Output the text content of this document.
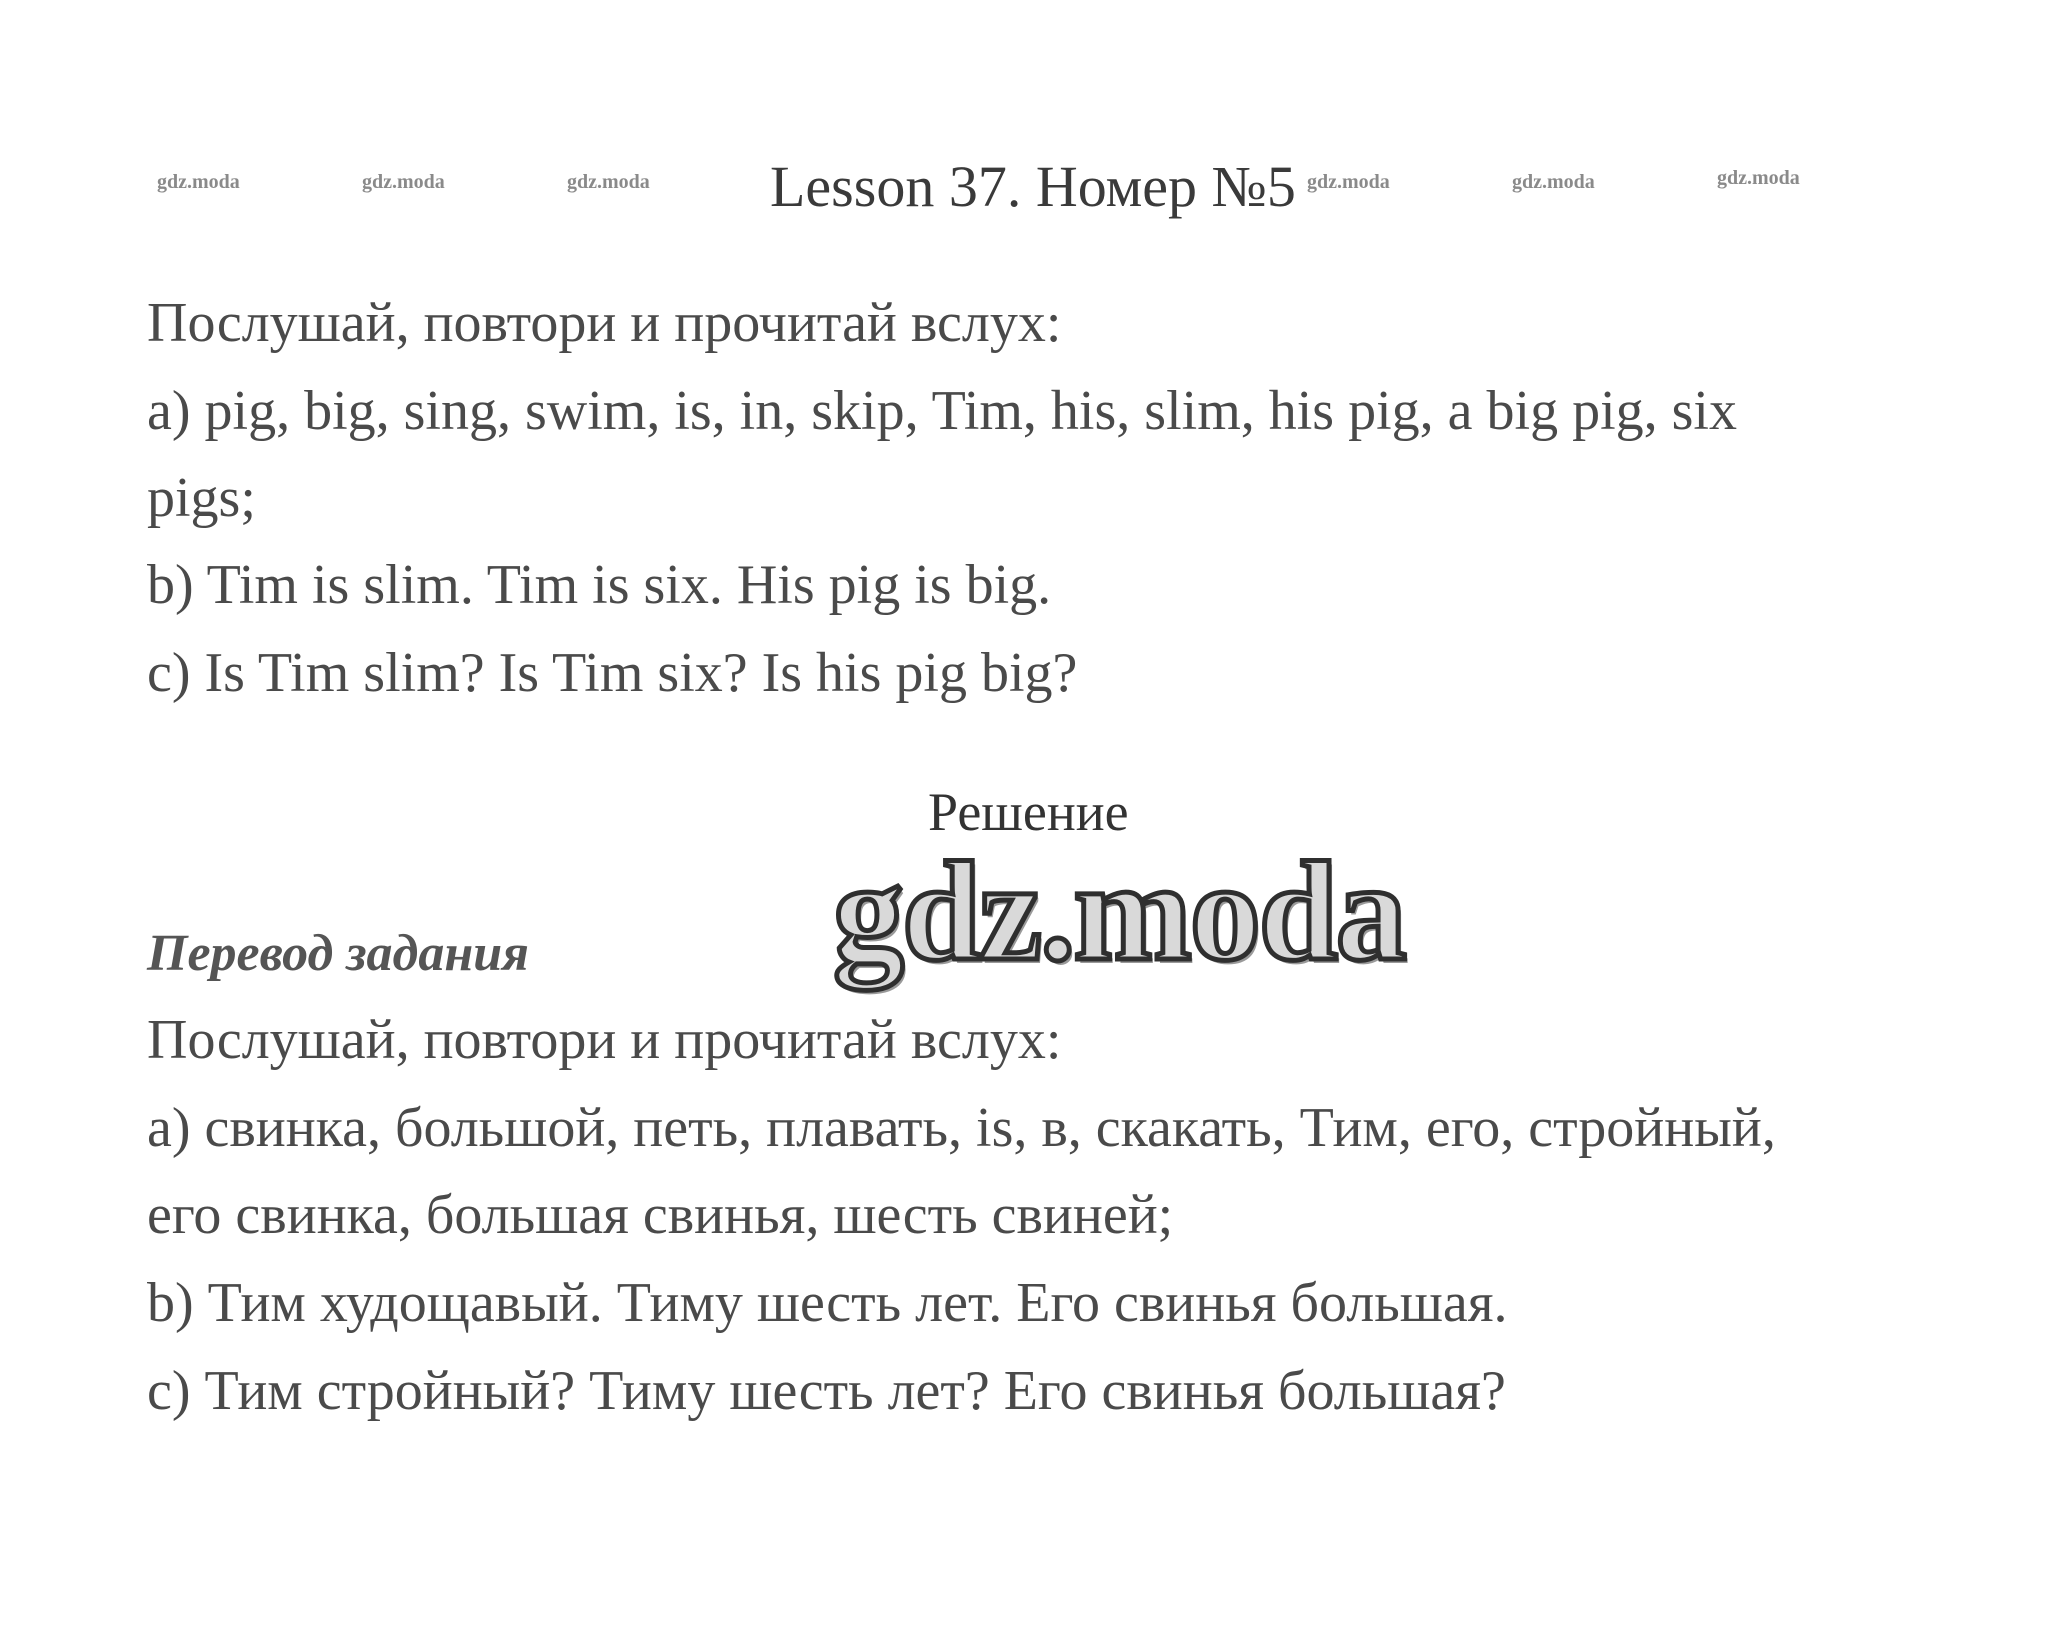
gdz.moda	gdz.moda	gdz.moda	gdz.moda	gdz.moda	gdz.moda
Lesson 37. Номер №5
Послушай, повтори и прочитай вслух:
a) pig, big, sing, swim, is, in, skip, Tim, his, slim, his pig, a big pig, six
pigs;
b) Tim is slim. Tim is six. His pig is big.
c) Is Tim slim? Is Tim six? Is his pig big?
Решение
gdz.moda
Перевод задания
Послушай, повтори и прочитай вслух:
а) свинка, большой, петь, плавать, is, в, скакать, Тим, его, стройный,
его свинка, большая свинья, шесть свиней;
b) Тим худощавый. Тиму шесть лет. Его свинья большая.
с) Тим стройный? Тиму шесть лет? Его свинья большая?
